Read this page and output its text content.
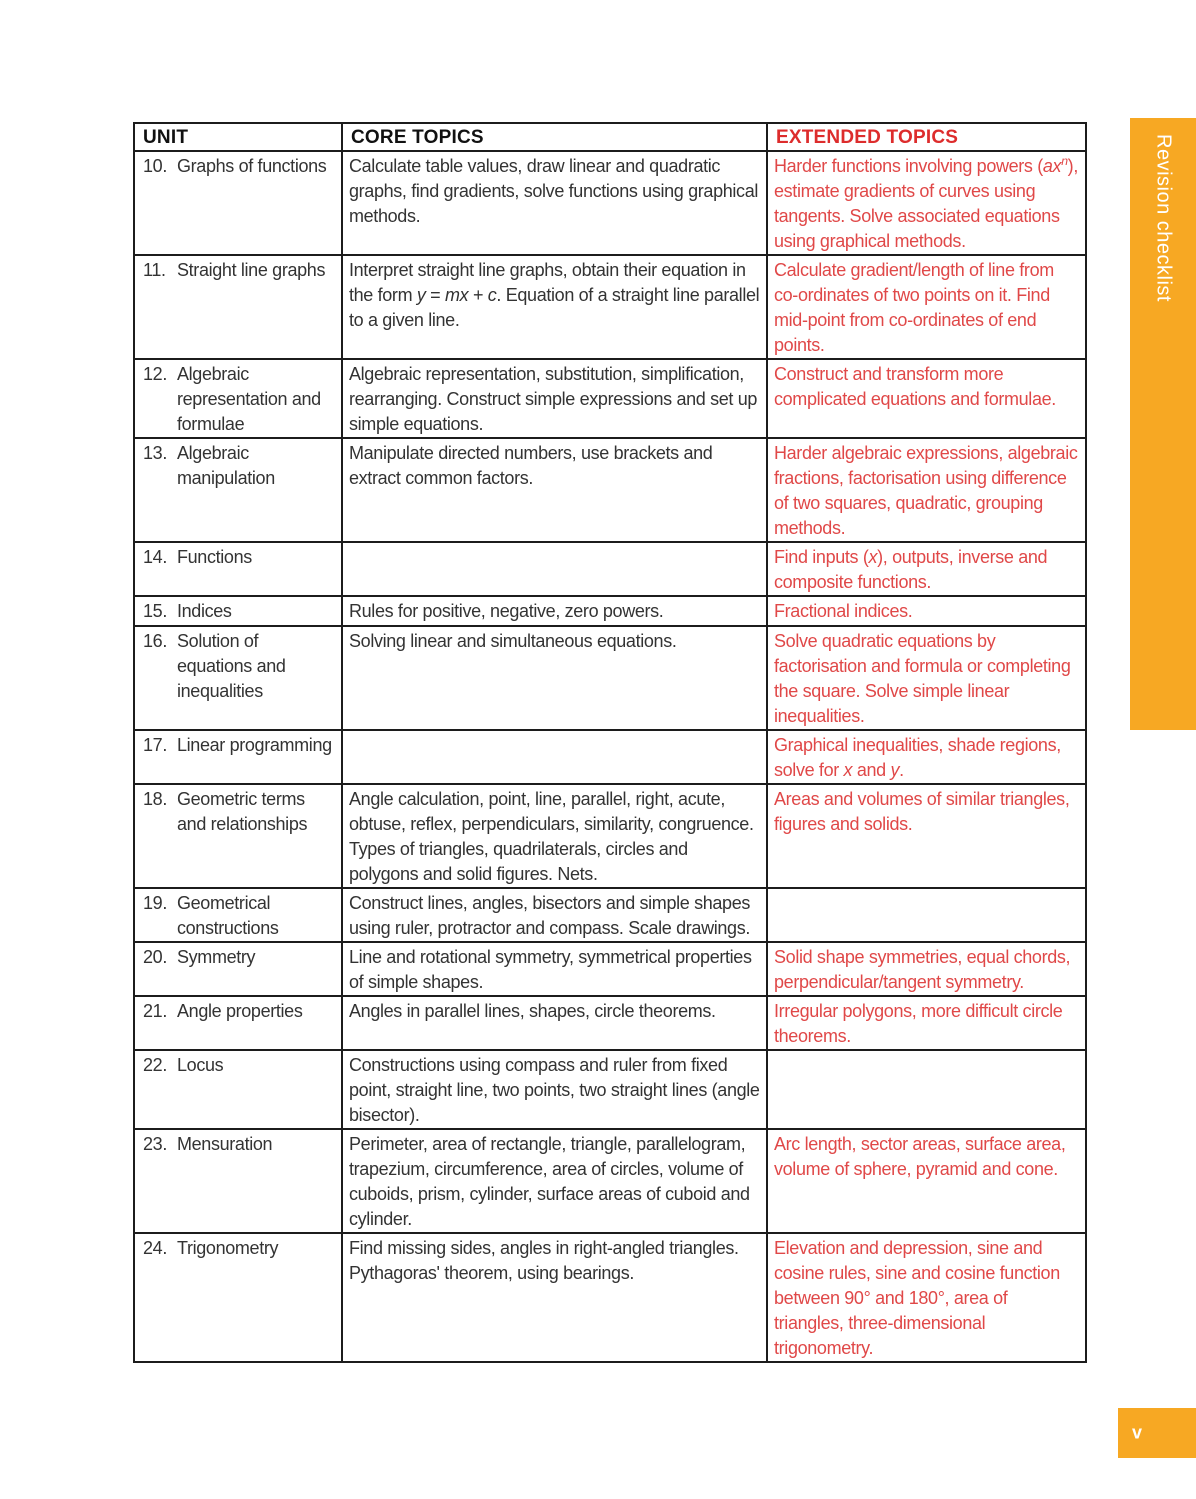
UNIT	CORE TOPICS	EXTENDED TOPICS

10. Graphs of functions	Calculate table values, draw linear and quadratic graphs, find gradients, solve functions using graphical methods.	Harder functions involving powers $(ax^n)$, estimate gradients of curves using tangents. Solve associated equations using graphical methods.

11. Straight line graphs	Interpret straight line graphs, obtain their equation in the form y = mx + c. Equation of a straight line parallel to a given line.	Calculate gradient/length of line from co-ordinates of two points on it. Find mid-point from co-ordinates of end points.

12. Algebraic representation and formulae	Algebraic representation, substitution, simplification, rearranging. Construct simple expressions and set up simple equations.	Construct and transform more complicated equations and formulae.

13. Algebraic manipulation	Manipulate directed numbers, use brackets and extract common factors.	Harder algebraic expressions, algebraic fractions, factorisation using difference of two squares, quadratic, grouping methods.

14. Functions		Find inputs (x), outputs, inverse and composite functions.

15. Indices	Rules for positive, negative, zero powers.	Fractional indices.

16. Solution of equations and inequalities	Solving linear and simultaneous equations.	Solve quadratic equations by factorisation and formula or completing the square. Solve simple linear inequalities.

17. Linear programming		Graphical inequalities, shade regions, solve for x and y.

18. Geometric terms and relationships	Angle calculation, point, line, parallel, right, acute, obtuse, reflex, perpendiculars, similarity, congruence. Types of triangles, quadrilaterals, circles and polygons and solid figures. Nets.	Areas and volumes of similar triangles, figures and solids.

19. Geometrical constructions	Construct lines, angles, bisectors and simple shapes using ruler, protractor and compass. Scale drawings.	

20. Symmetry	Line and rotational symmetry, symmetrical properties of simple shapes.	Solid shape symmetries, equal chords, perpendicular/tangent symmetry.

21. Angle properties	Angles in parallel lines, shapes, circle theorems.	Irregular polygons, more difficult circle theorems.

22. Locus	Constructions using compass and ruler from fixed point, straight line, two points, two straight lines (angle bisector).	

23. Mensuration	Perimeter, area of rectangle, triangle, parallelogram, trapezium, circumference, area of circles, volume of cuboids, prism, cylinder, surface areas of cuboid and cylinder.	Arc length, sector areas, surface area, volume of sphere, pyramid and cone.

24. Trigonometry	Find missing sides, angles in right-angled triangles. Pythagoras' theorem, using bearings.	Elevation and depression, sine and cosine rules, sine and cosine function between 90° and 180°, area of triangles, three-dimensional trigonometry.
Revision checklist
v
